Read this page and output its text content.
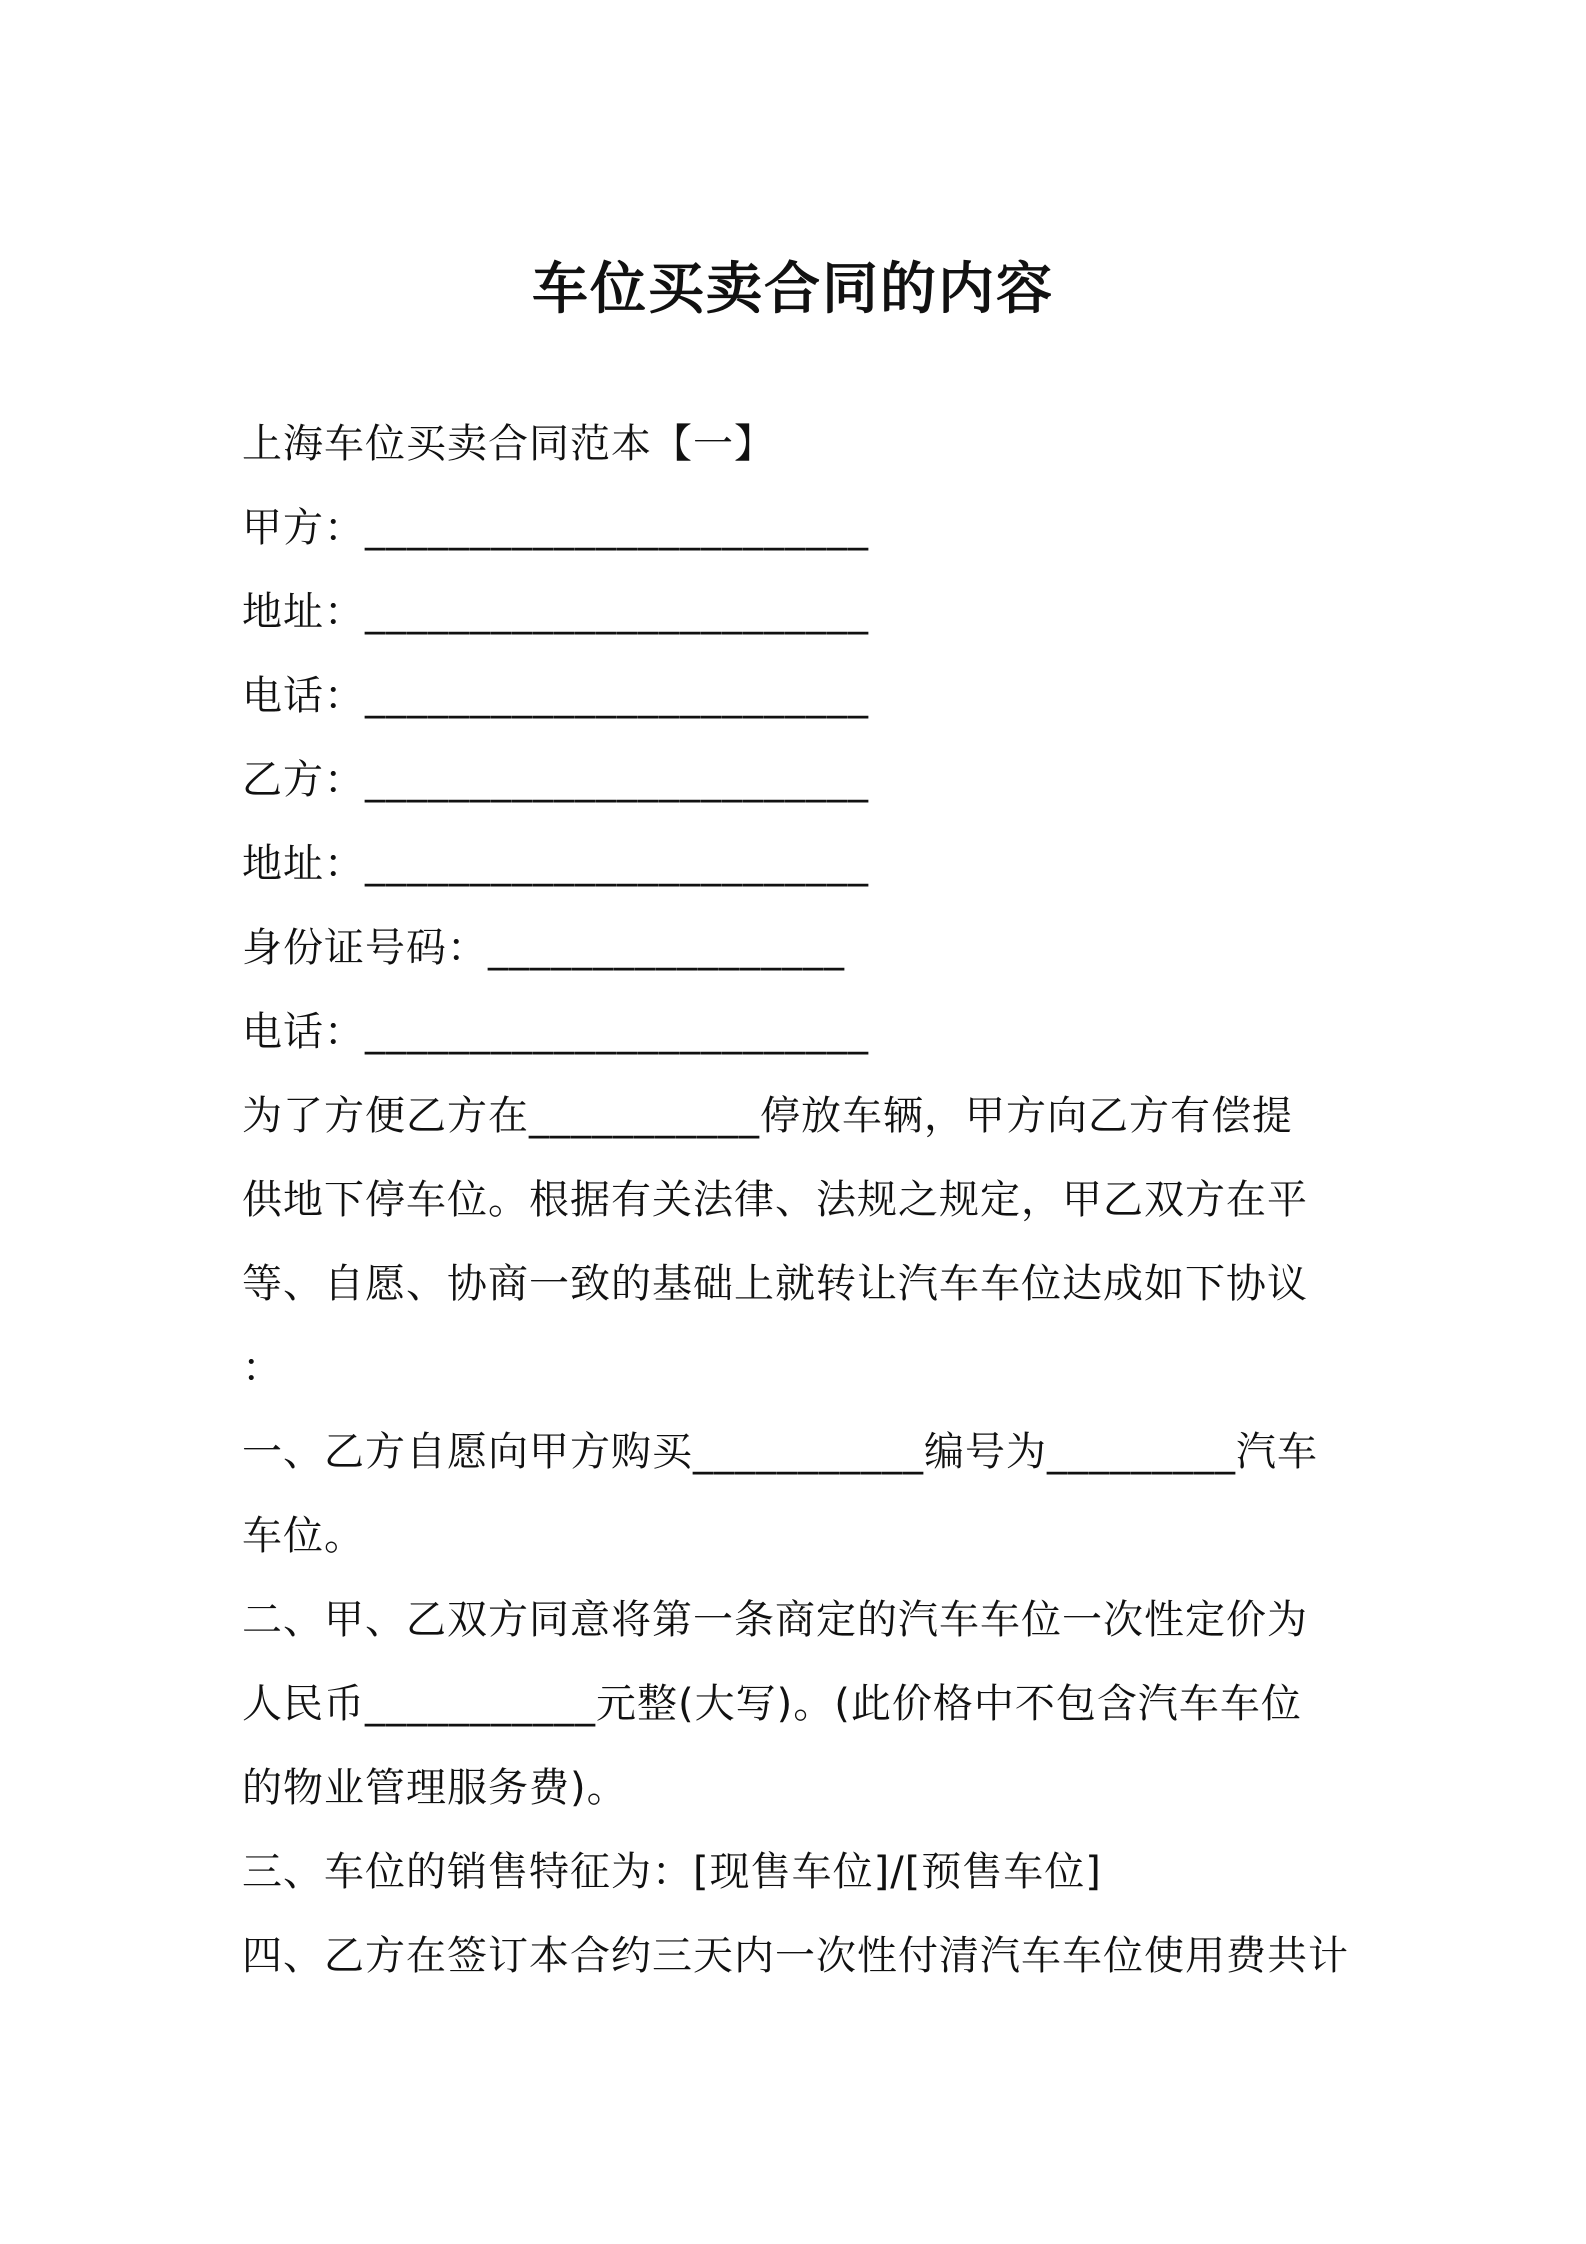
车位买卖合同的内容
上海车位买卖合同范本【一】
甲方：________________________
地址：________________________
电话：________________________
乙方：________________________
地址：________________________
身份证号码：_________________
电话：________________________
为了方便乙方在___________停放车辆，甲方向乙方有偿提
供地下停车位。根据有关法律、法规之规定，甲乙双方在平
等、自愿、协商一致的基础上就转让汽车车位达成如下协议
：
一、乙方自愿向甲方购买___________编号为_________汽车
车位。
二、甲、乙双方同意将第一条商定的汽车车位一次性定价为
人民币___________元整(大写)。(此价格中不包含汽车车位
的物业管理服务费)。
三、车位的销售特征为：[现售车位]/[预售车位]
四、乙方在签订本合约三天内一次性付清汽车车位使用费共计
